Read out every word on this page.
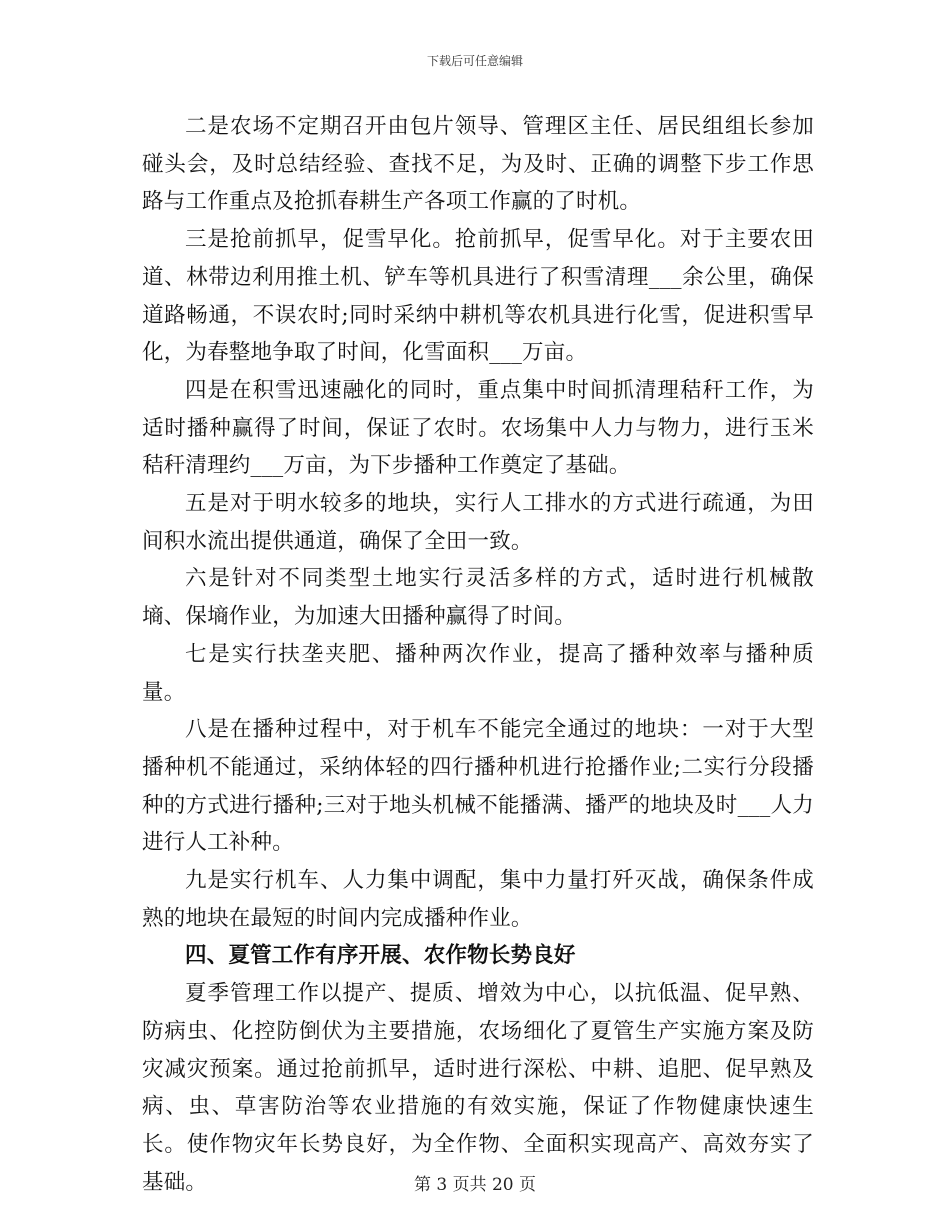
下载后可任意编辑

二是农场不定期召开由包片领导、管理区主任、居民组组长参加碰头会，及时总结经验、查找不足，为及时、正确的调整下步工作思路与工作重点及抢抓春耕生产各项工作赢的了时机。

三是抢前抓早，促雪早化。抢前抓早，促雪早化。对于主要农田道、林带边利用推土机、铲车等机具进行了积雪清理___余公里，确保道路畅通，不误农时;同时采纳中耕机等农机具进行化雪，促进积雪早化，为春整地争取了时间，化雪面积___万亩。

四是在积雪迅速融化的同时，重点集中时间抓清理秸秆工作，为适时播种赢得了时间，保证了农时。农场集中人力与物力，进行玉米秸秆清理约___万亩，为下步播种工作奠定了基础。

五是对于明水较多的地块，实行人工排水的方式进行疏通，为田间积水流出提供通道，确保了全田一致。

六是针对不同类型土地实行灵活多样的方式，适时进行机械散墒、保墒作业，为加速大田播种赢得了时间。

七是实行扶垄夹肥、播种两次作业，提高了播种效率与播种质量。

八是在播种过程中，对于机车不能完全通过的地块：一对于大型播种机不能通过，采纳体轻的四行播种机进行抢播作业;二实行分段播种的方式进行播种;三对于地头机械不能播满、播严的地块及时___人力进行人工补种。

九是实行机车、人力集中调配，集中力量打歼灭战，确保条件成熟的地块在最短的时间内完成播种作业。

四、夏管工作有序开展、农作物长势良好

夏季管理工作以提产、提质、增效为中心，以抗低温、促早熟、防病虫、化控防倒伏为主要措施，农场细化了夏管生产实施方案及防灾减灾预案。通过抢前抓早，适时进行深松、中耕、追肥、促早熟及病、虫、草害防治等农业措施的有效实施，保证了作物健康快速生长。使作物灾年长势良好，为全作物、全面积实现高产、高效夯实了基础。	第 3 页共 20 页
